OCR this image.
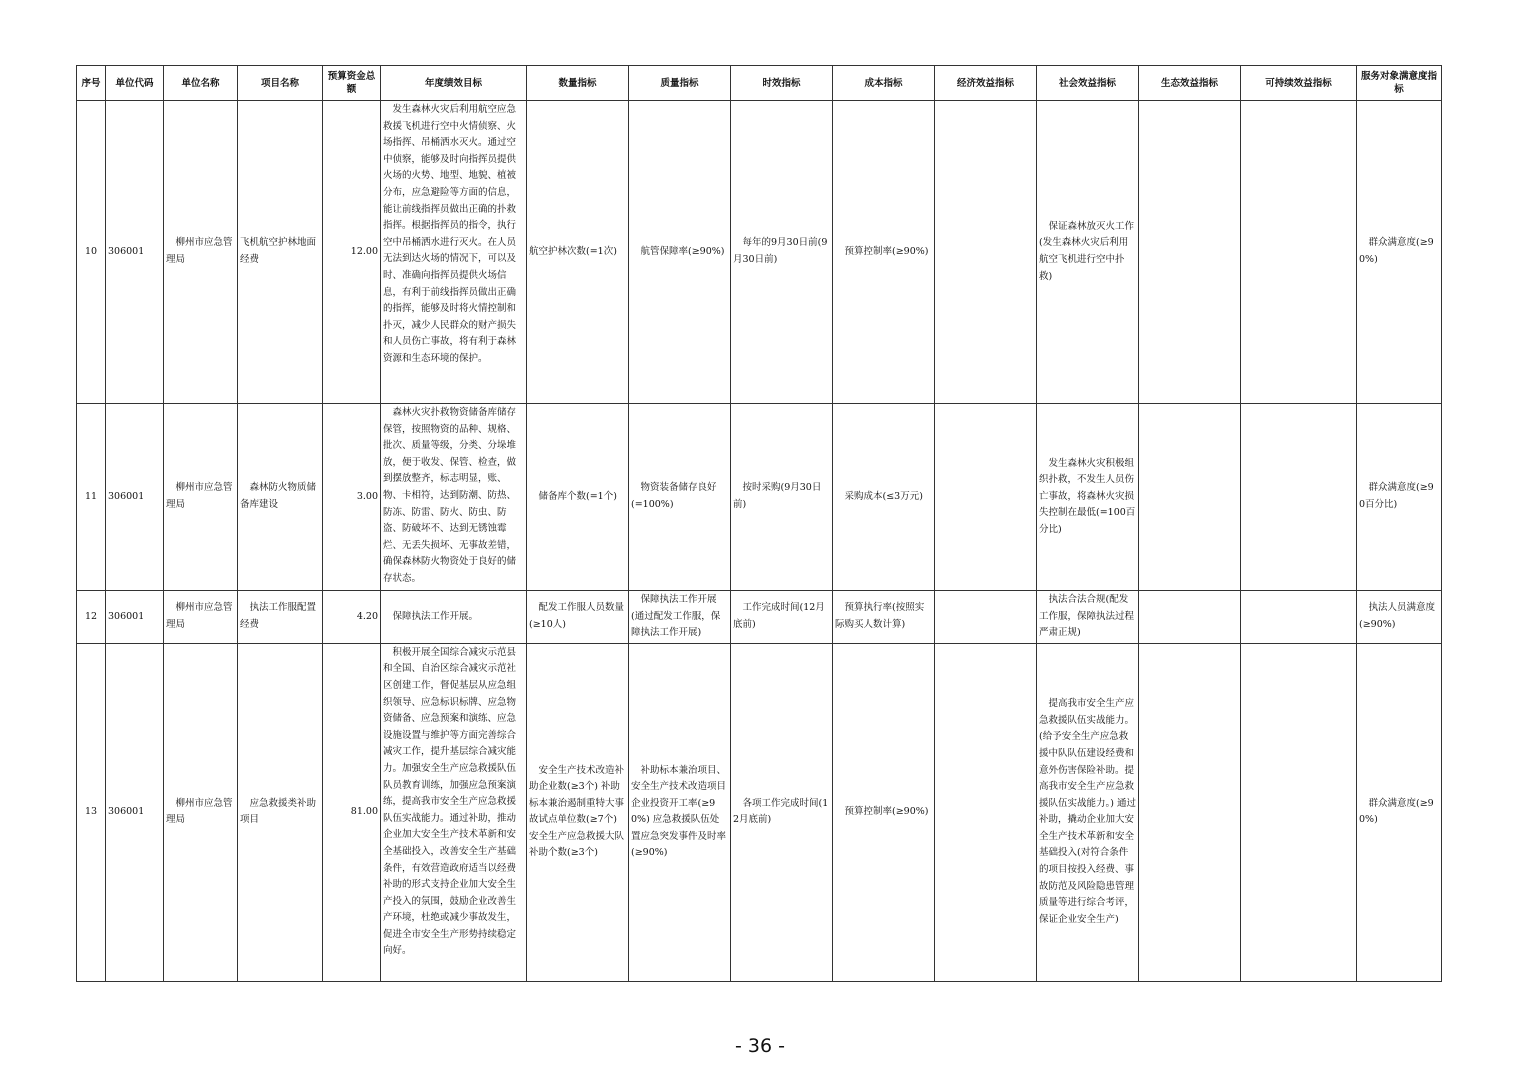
序号	单位代码	单位名称	项目名称	预算资金总额	年度绩效目标	数量指标	质量指标	时效指标	成本指标	经济效益指标	社会效益指标	生态效益指标	可持续效益指标	服务对象满意度指标
10	306001	柳州市应急管理局	飞机航空护林地面经费	12.00	发生森林火灾后利用航空应急救援飞机进行空中火情侦察、火场指挥、吊桶洒水灭火。通过空中侦察，能够及时向指挥员提供火场的火势、地型、地貌、植被分布，应急避险等方面的信息，能让前线指挥员做出正确的扑救指挥。根据指挥员的指令，执行空中吊桶洒水进行灭火。在人员无法到达火场的情况下，可以及时、准确向指挥员提供火场信息，有利于前线指挥员做出正确的指挥，能够及时将火情控制和扑灭，减少人民群众的财产损失和人员伤亡事故，将有利于森林资源和生态环境的保护。	航空护林次数(=1次)	航管保障率(≥90%)	每年的9月30日前(9月30日前)	预算控制率(≥90%)		保证森林放灭火工作(发生森林火灾后利用航空飞机进行空中扑救)			群众满意度(≥90%)

11	306001	柳州市应急管理局	森林防火物质储备库建设	3.00	森林火灾扑救物资储备库储存保管，按照物资的品种、规格、批次、质量等级，分类、分垛堆放，便于收发、保管、检查，做到摆放整齐，标志明显，账、物、卡相符，达到防潮、防热、防冻、防雷、防火、防虫、防盗、防破坏不、达到无锈蚀霉烂、无丢失损坏、无事故差错，确保森林防火物资处于良好的储存状态。	储备库个数(=1个)	物资装备储存良好(=100%)	按时采购(9月30日前)	采购成本(≤3万元)		发生森林火灾积极组织扑救，不发生人员伤亡事故，将森林火灾损失控制在最低(=100百分比)			群众满意度(≥90百分比)

12	306001	柳州市应急管理局	执法工作服配置经费	4.20	保障执法工作开展。	配发工作服人员数量(≥10人)	保障执法工作开展(通过配发工作服，保障执法工作开展)	工作完成时间(12月底前)	预算执行率(按照实际购买人数计算)		执法合法合规(配发工作服，保障执法过程严肃正规)			执法人员满意度(≥90%)

13	306001	柳州市应急管理局	应急救援类补助项目	81.00	积极开展全国综合减灾示范县和全国、自治区综合减灾示范社区创建工作，督促基层从应急组织领导、应急标识标牌、应急物资储备、应急预案和演练、应急设施设置与维护等方面完善综合减灾工作，提升基层综合减灾能力。加强安全生产应急救援队伍队员教育训练，加强应急预案演练，提高我市安全生产应急救援队伍实战能力。通过补助，推动企业加大安全生产技术革新和安全基础投入，改善安全生产基础条件，有效营造政府适当以经费补助的形式支持企业加大安全生产投入的氛围，鼓励企业改善生产环境，杜绝或减少事故发生，促进全市安全生产形势持续稳定向好。	安全生产技术改造补助企业数(≥3个) 补助标本兼治遏制重特大事故试点单位数(≥7个) 安全生产应急救援大队补助个数(≥3个)	补助标本兼治项目、安全生产技术改造项目企业投资开工率(≥90%) 应急救援队伍处置应急突发事件及时率(≥90%)	各项工作完成时间(12月底前)	预算控制率(≥90%)		提高我市安全生产应急救援队伍实战能力。(给予安全生产应急救援中队队伍建设经费和意外伤害保险补助。提高我市安全生产应急救援队伍实战能力。) 通过补助，撬动企业加大安全生产技术革新和安全基础投入(对符合条件的项目按投入经费、事故防范及风险隐患管理质量等进行综合考评，保证企业安全生产)			群众满意度(≥90%)
- 36 -
